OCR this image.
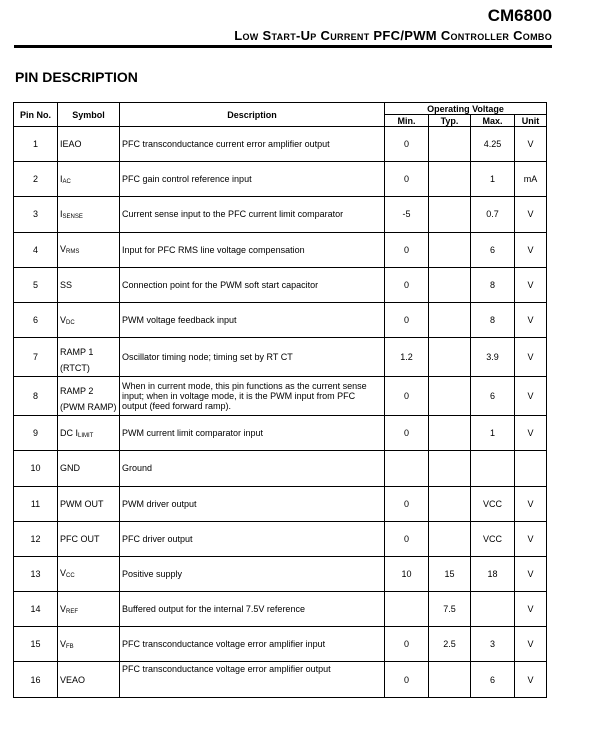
CM6800
Low Start-Up Current PFC/PWM Controller Combo
PIN DESCRIPTION
Pin No.	Symbol	Description	Operating Voltage			
			Min.	Typ.	Max.	Unit
1	IEAO	PFC transconductance current error amplifier output	0		4.25	V
2	IAC	PFC gain control reference input	0		1	mA
3	ISENSE	Current sense input to the PFC current limit comparator	-5		0.7	V
4	VRMS	Input for PFC RMS line voltage compensation	0		6	V
5	SS	Connection point for the PWM soft start capacitor	0		8	V
6	VDC	PWM voltage feedback input	0		8	V
7	RAMP 1
(RTCT)	Oscillator timing node; timing set by RT CT	1.2		3.9	V
8	RAMP 2
(PWM RAMP)	When in current mode, this pin functions as the current sense input; when in voltage mode, it is the PWM input from PFC output (feed forward ramp).	0		6	V
9	DC ILIMIT	PWM current limit comparator input	0		1	V
10	GND	Ground				
11	PWM OUT	PWM driver output	0		VCC	V
12	PFC OUT	PFC driver output	0		VCC	V
13	VCC	Positive supply	10	15	18	V
14	VREF	Buffered output for the internal 7.5V reference		7.5		V
15	VFB	PFC transconductance voltage error amplifier input	0	2.5	3	V
16	VEAO	PFC transconductance voltage error amplifier output	0		6	V
